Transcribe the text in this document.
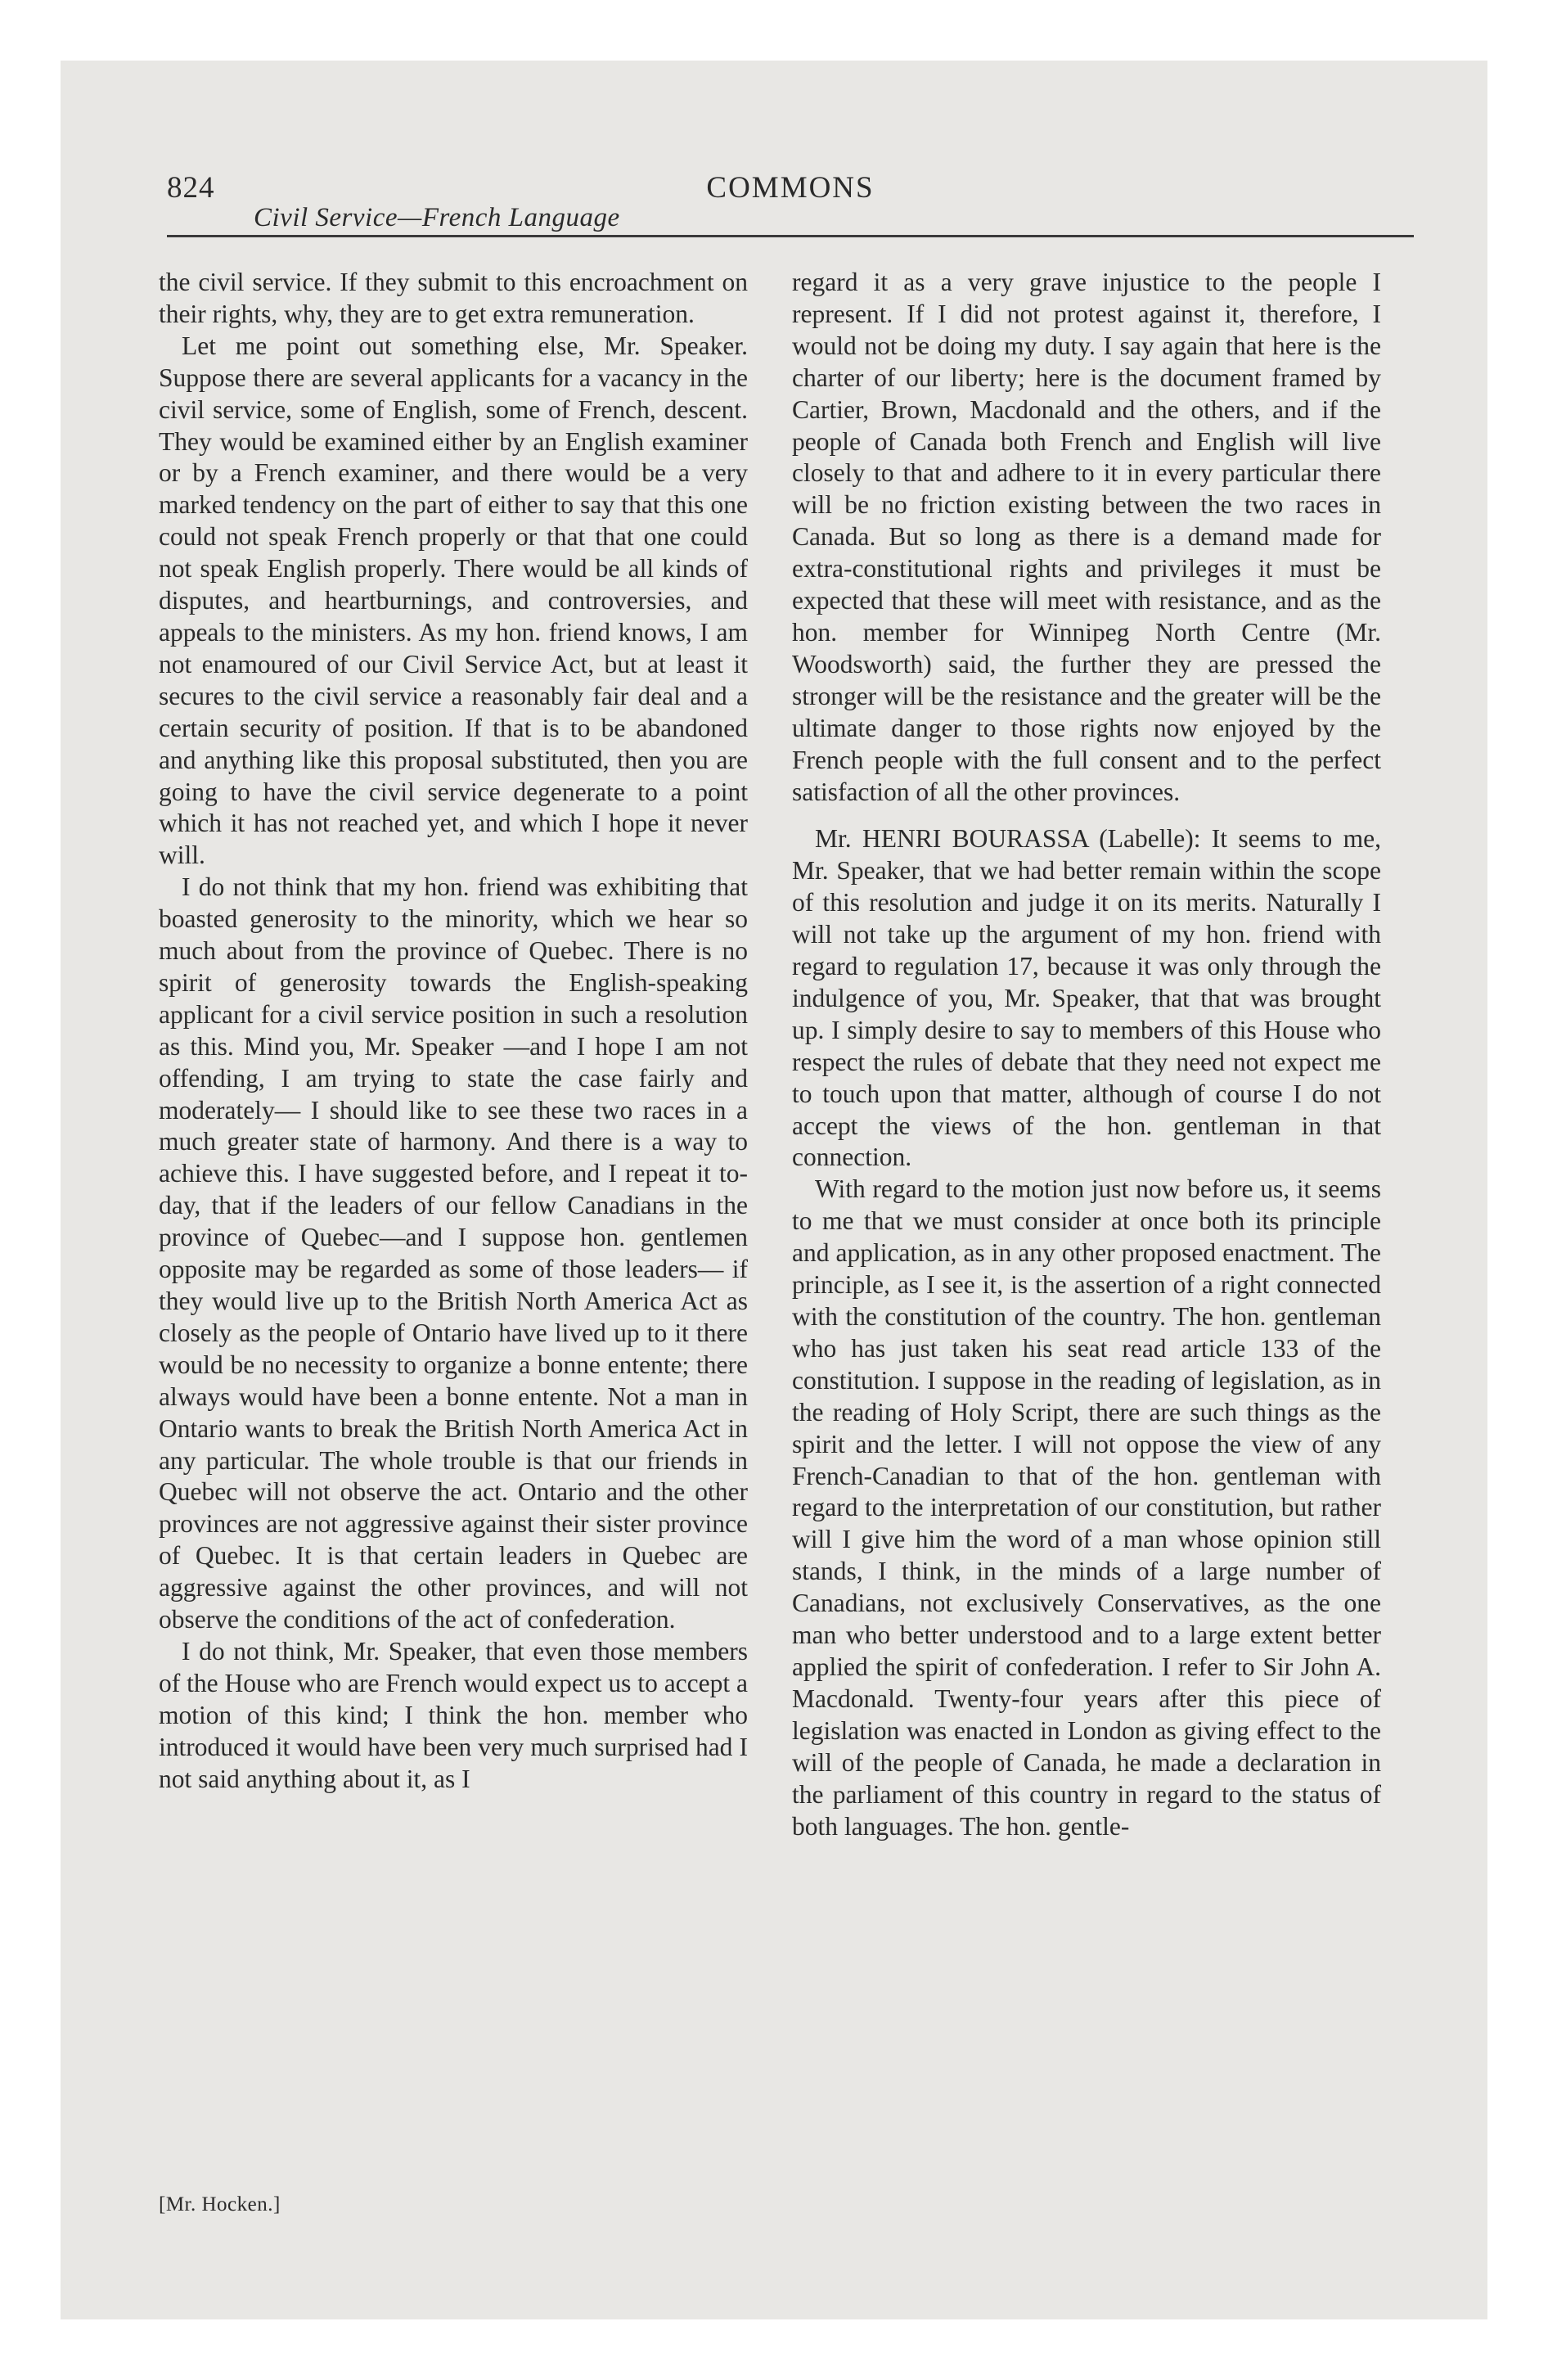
824	COMMONS
Civil Service—French Language

the civil service. If they submit to this encroachment on their rights, why, they are to get extra remuneration.

Let me point out something else, Mr. Speaker. Suppose there are several applicants for a vacancy in the civil service, some of English, some of French, descent. They would be examined either by an English examiner or by a French examiner, and there would be a very marked tendency on the part of either to say that this one could not speak French properly or that that one could not speak English properly. There would be all kinds of disputes, and heartburnings, and controversies, and appeals to the ministers. As my hon. friend knows, I am not enamoured of our Civil Service Act, but at least it secures to the civil service a reasonably fair deal and a certain security of position. If that is to be abandoned and anything like this proposal substituted, then you are going to have the civil service degenerate to a point which it has not reached yet, and which I hope it never will.

I do not think that my hon. friend was exhibiting that boasted generosity to the minority, which we hear so much about from the province of Quebec. There is no spirit of generosity towards the English-speaking applicant for a civil service position in such a resolution as this. Mind you, Mr. Speaker —and I hope I am not offending, I am trying to state the case fairly and moderately— I should like to see these two races in a much greater state of harmony. And there is a way to achieve this. I have suggested before, and I repeat it to-day, that if the leaders of our fellow Canadians in the province of Quebec—and I suppose hon. gentlemen opposite may be regarded as some of those leaders— if they would live up to the British North America Act as closely as the people of Ontario have lived up to it there would be no necessity to organize a bonne entente; there always would have been a bonne entente. Not a man in Ontario wants to break the British North America Act in any particular. The whole trouble is that our friends in Quebec will not observe the act. Ontario and the other provinces are not aggressive against their sister province of Quebec. It is that certain leaders in Quebec are aggressive against the other provinces, and will not observe the conditions of the act of confederation.

I do not think, Mr. Speaker, that even those members of the House who are French would expect us to accept a motion of this kind; I think the hon. member who introduced it would have been very much surprised had I not said anything about it, as I

regard it as a very grave injustice to the people I represent. If I did not protest against it, therefore, I would not be doing my duty. I say again that here is the charter of our liberty; here is the document framed by Cartier, Brown, Macdonald and the others, and if the people of Canada both French and English will live closely to that and adhere to it in every particular there will be no friction existing between the two races in Canada. But so long as there is a demand made for extra-constitutional rights and privileges it must be expected that these will meet with resistance, and as the hon. member for Winnipeg North Centre (Mr. Woodsworth) said, the further they are pressed the stronger will be the resistance and the greater will be the ultimate danger to those rights now enjoyed by the French people with the full consent and to the perfect satisfaction of all the other provinces.

Mr. HENRI BOURASSA (Labelle): It seems to me, Mr. Speaker, that we had better remain within the scope of this resolution and judge it on its merits. Naturally I will not take up the argument of my hon. friend with regard to regulation 17, because it was only through the indulgence of you, Mr. Speaker, that that was brought up. I simply desire to say to members of this House who respect the rules of debate that they need not expect me to touch upon that matter, although of course I do not accept the views of the hon. gentleman in that connection.

With regard to the motion just now before us, it seems to me that we must consider at once both its principle and application, as in any other proposed enactment. The principle, as I see it, is the assertion of a right connected with the constitution of the country. The hon. gentleman who has just taken his seat read article 133 of the constitution. I suppose in the reading of legislation, as in the reading of Holy Script, there are such things as the spirit and the letter. I will not oppose the view of any French-Canadian to that of the hon. gentleman with regard to the interpretation of our constitution, but rather will I give him the word of a man whose opinion still stands, I think, in the minds of a large number of Canadians, not exclusively Conservatives, as the one man who better understood and to a large extent better applied the spirit of confederation. I refer to Sir John A. Macdonald. Twenty-four years after this piece of legislation was enacted in London as giving effect to the will of the people of Canada, he made a declaration in the parliament of this country in regard to the status of both languages. The hon. gentle-

[Mr. Hocken.]
